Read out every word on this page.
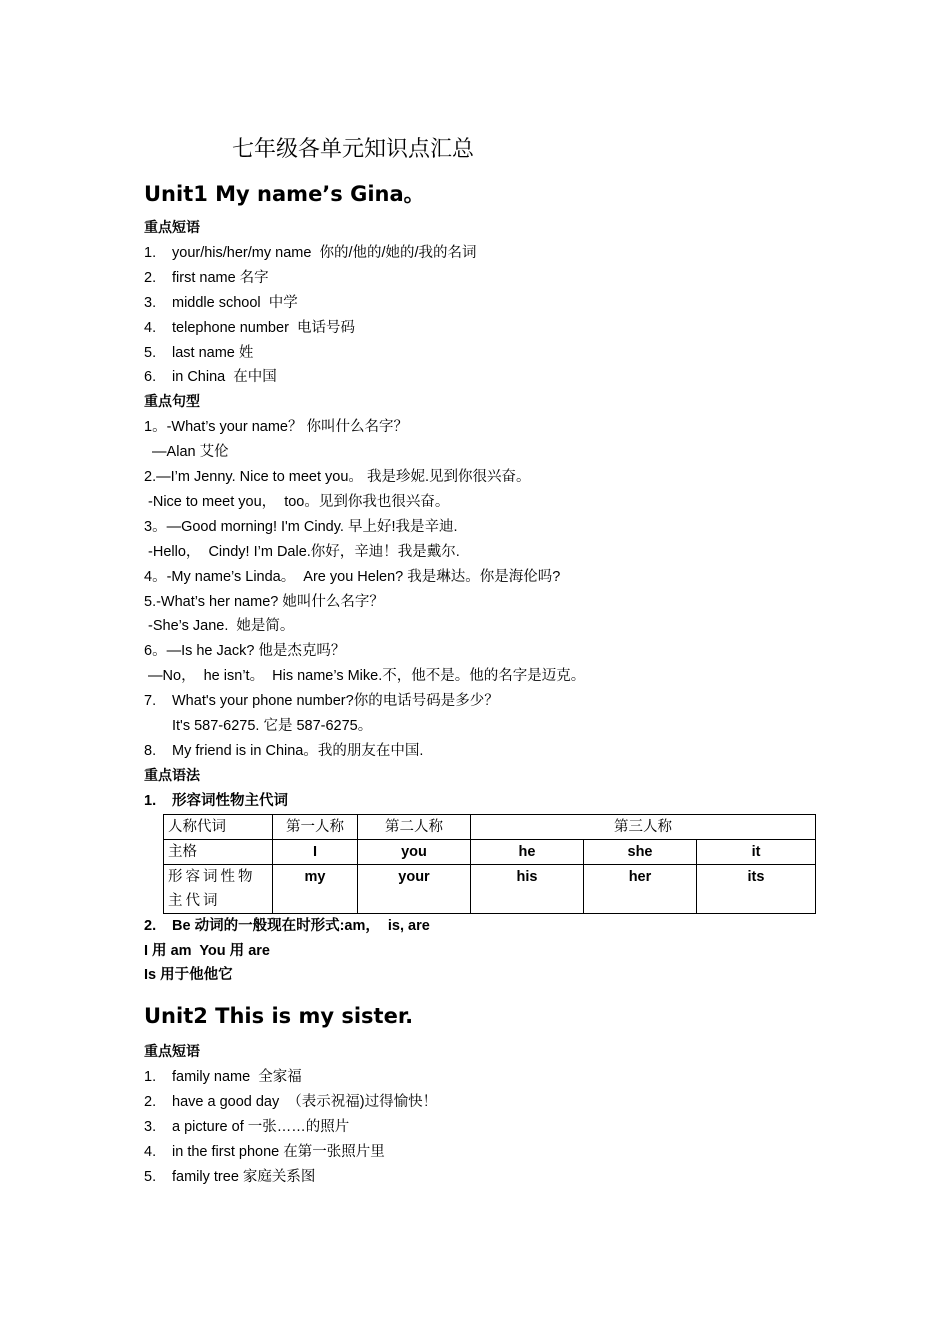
七年级各单元知识点汇总
Unit1 My name’s Gina。
重点短语
1. your/his/her/my name  你的/他的/她的/我的名词
2. first name 名字
3. middle school  中学
4. telephone number  电话号码
5. last name 姓
6. in China  在中国
重点句型
1。-What’s your name？ 你叫什么名字？
—Alan 艾伦
2.—I’m Jenny. Nice to meet you。 我是珍妮.见到你很兴奋。
-Nice to meet you，  too。见到你我也很兴奋。
3。—Good morning! I'm Cindy. 早上好!我是辛迪.
-Hello，  Cindy! I’m Dale.你好，辛迪！我是戴尔.
4。-My name’s Linda。  Are you Helen? 我是琳达。你是海伦吗?
5.-What’s her name? 她叫什么名字？
-She’s Jane.  她是简。
6。—Is he Jack? 他是杰克吗？
—No，  he isn’t。  His name’s Mike.不，他不是。他的名字是迈克。
7. What's your phone number?你的电话号码是多少？
It's 587-6275. 它是 587-6275。
8. My friend is in China。我的朋友在中国.
重点语法
1. 形容词性物主代词
人称代词	第一人称	第二人称	第三人称		
主格	I	you	he	she	it
形容词性物主代词	my	your	his	her	its
2. Be 动词的一般现在时形式:am，  is, are
I 用 am  You 用 are
Is 用于他他它
Unit2 This is my sister.
重点短语
1. family name  全家福
2. have a good day  （表示祝福)过得愉快！
3. a picture of 一张……的照片
4. in the first phone 在第一张照片里
5. family tree 家庭关系图
